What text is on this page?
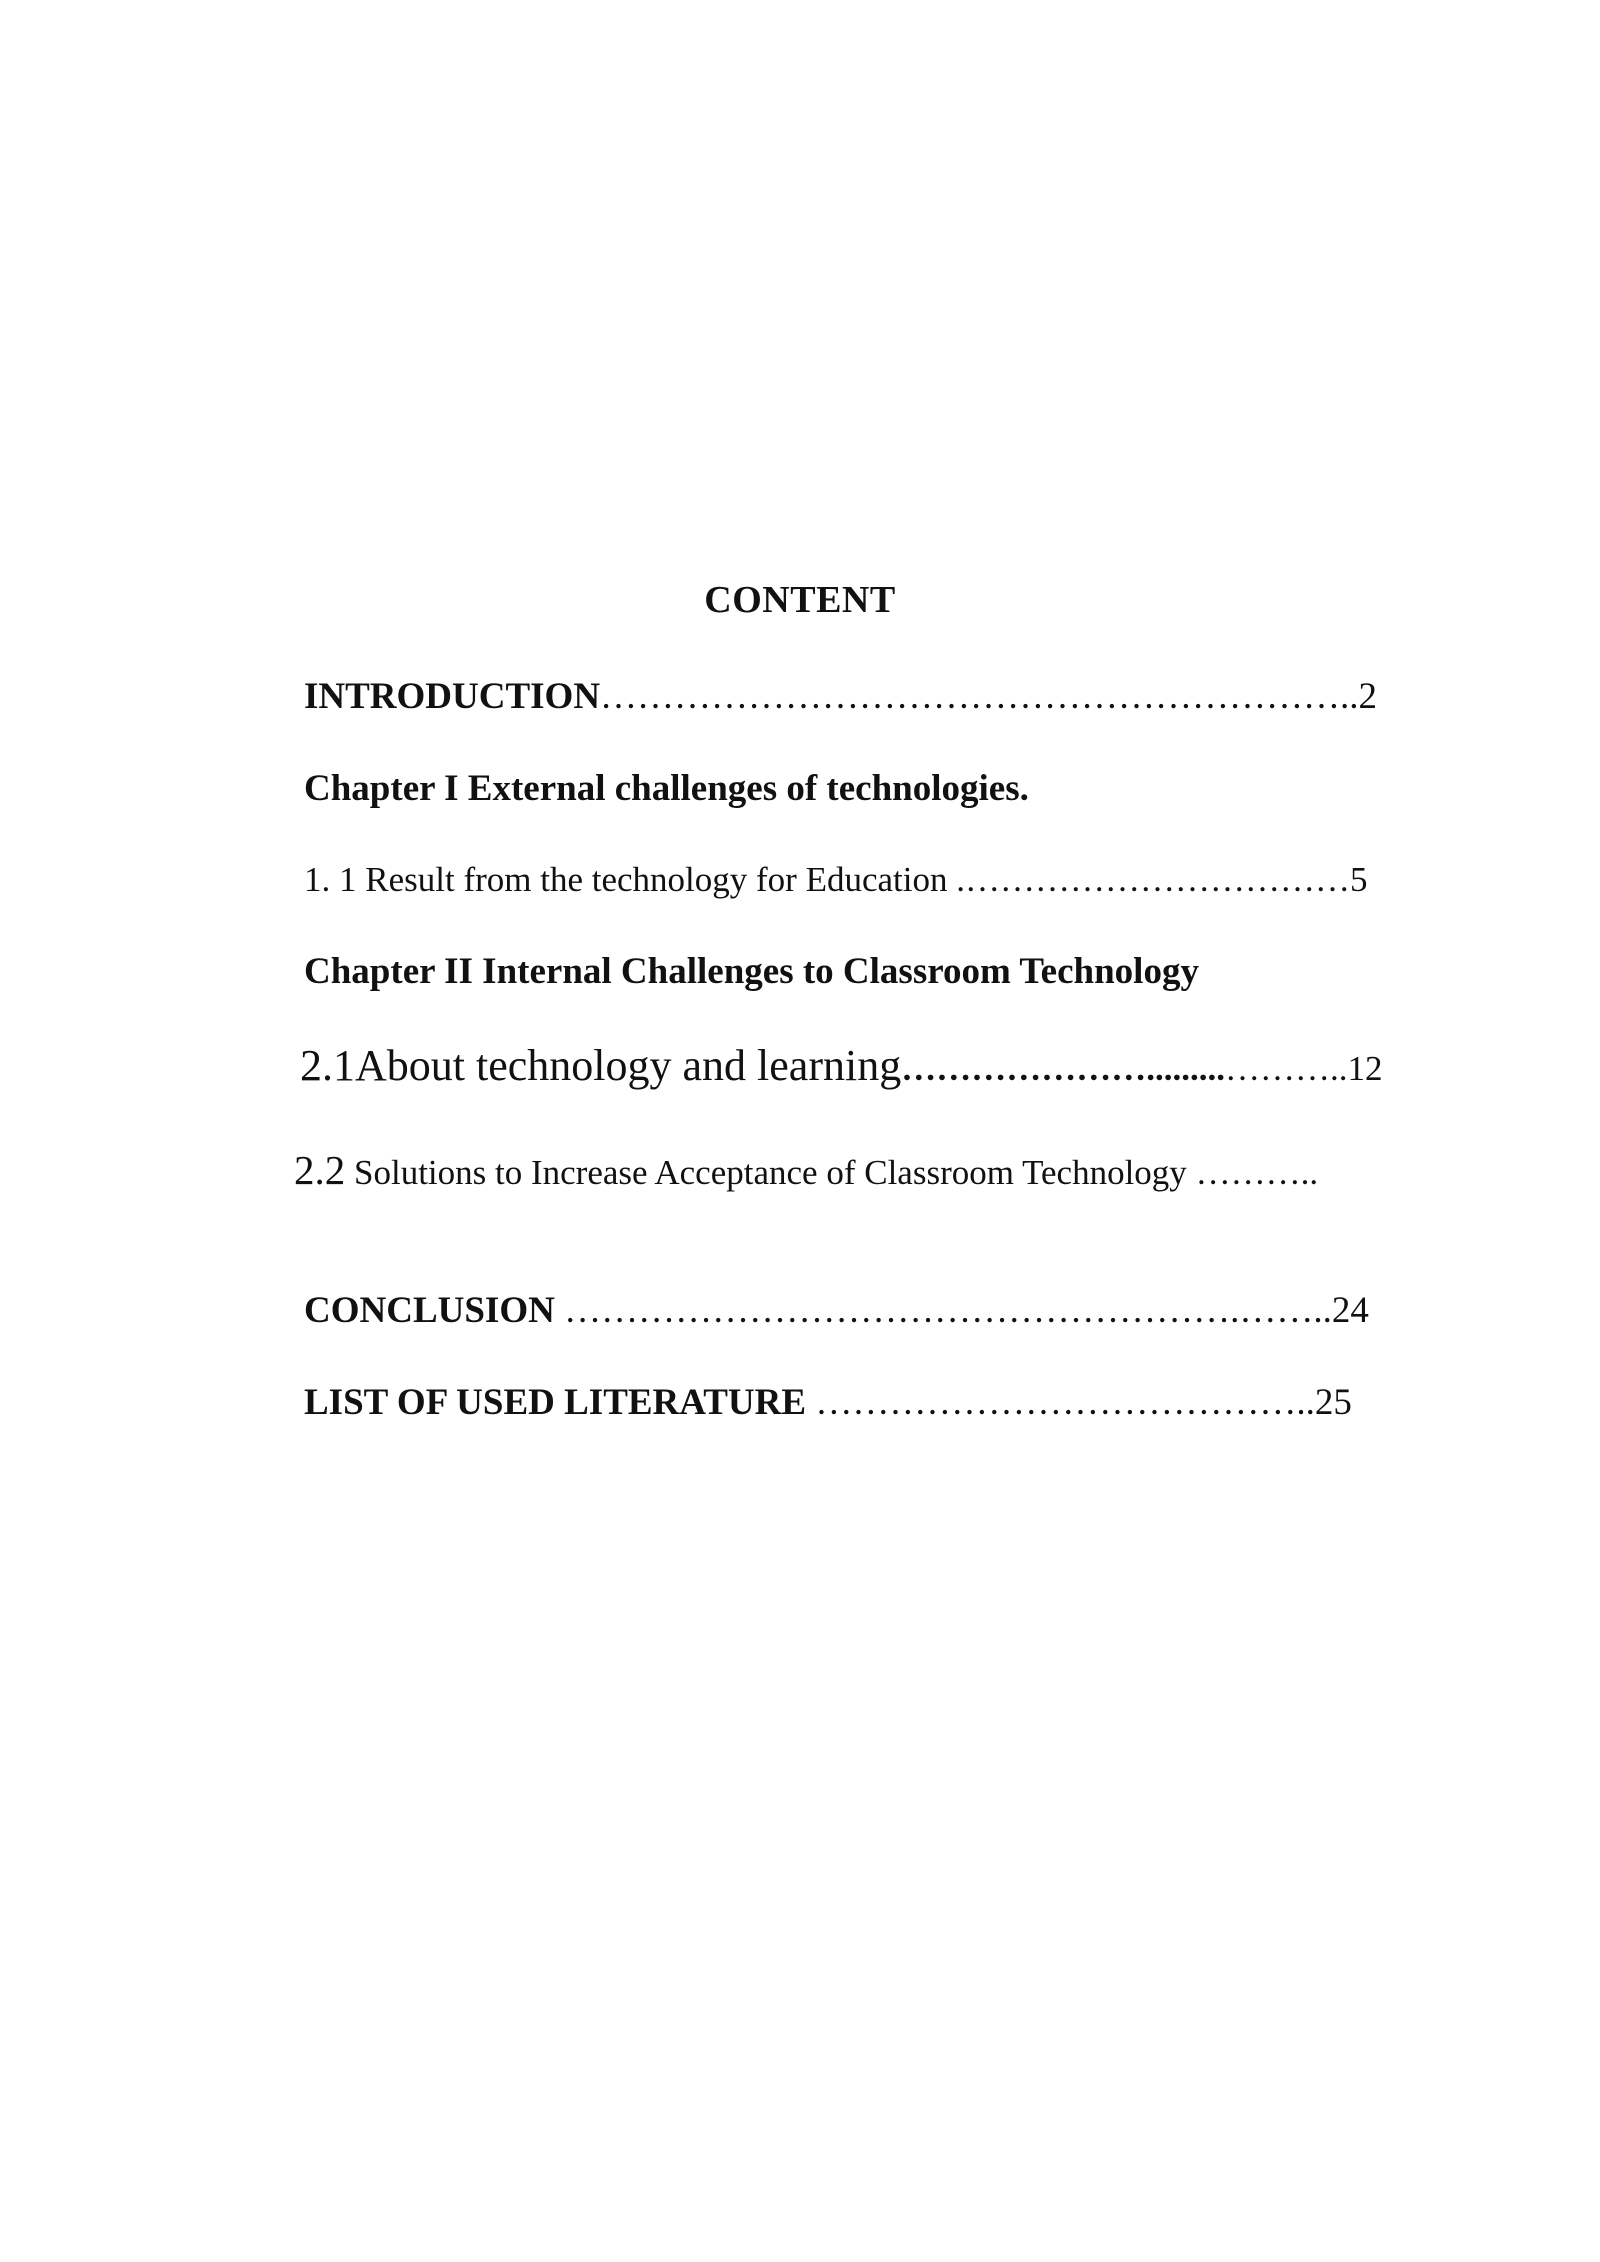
CONTENT
INTRODUCTION……………………………………………………..2
Chapter I External challenges of technologies.
1. 1 Result from the technology for Education .……………………………5
Chapter II Internal Challenges to Classroom Technology
2.1About technology and learning………………….........………..12
2.2 Solutions to Increase Acceptance of Classroom Technology ………..
CONCLUSION ……………………………………………….……..24
LIST OF USED LITERATURE …………………………………..25
